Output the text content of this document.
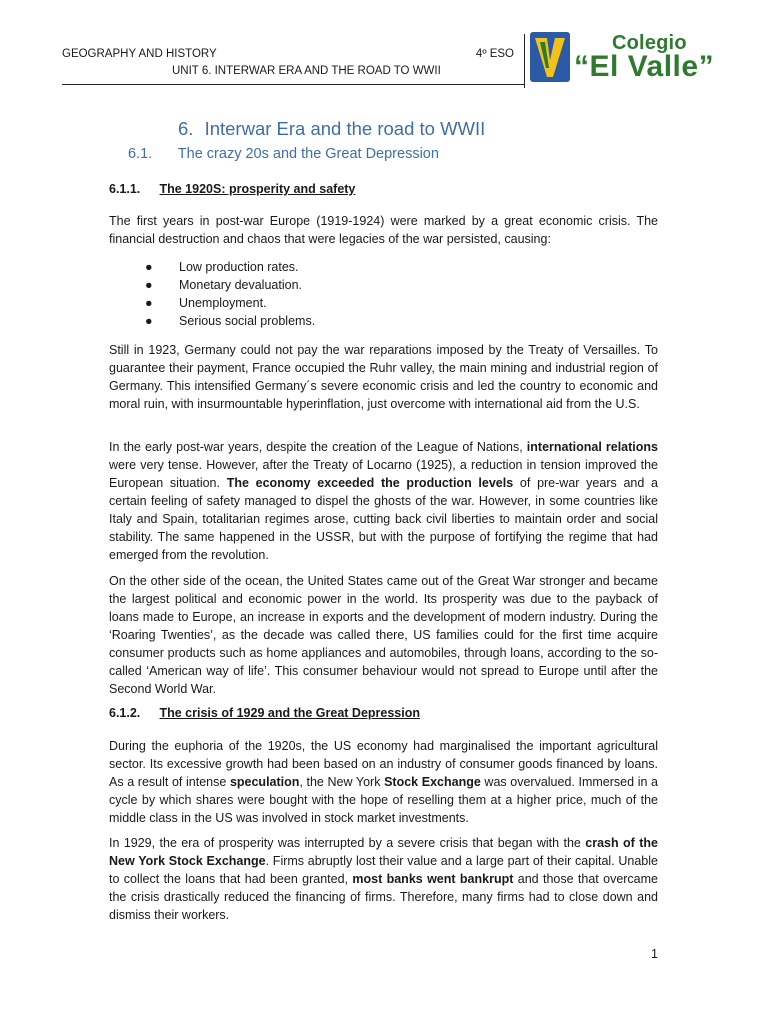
GEOGRAPHY AND HISTORY	4º ESO
UNIT 6. INTERWAR ERA AND THE ROAD TO WWII
Colegio
“El Valle”
6. Interwar Era and the road to WWII
6.1. The crazy 20s and the Great Depression
6.1.1. The 1920S: prosperity and safety
The first years in post-war Europe (1919-1924) were marked by a great economic crisis. The financial destruction and chaos that were legacies of the war persisted, causing:
● Low production rates.
● Monetary devaluation.
● Unemployment.
● Serious social problems.
Still in 1923, Germany could not pay the war reparations imposed by the Treaty of Versailles. To guarantee their payment, France occupied the Ruhr valley, the main mining and industrial region of Germany. This intensified Germany´s severe economic crisis and led the country to economic and moral ruin, with insurmountable hyperinflation, just overcome with international aid from the U.S.
In the early post-war years, despite the creation of the League of Nations, international relations were very tense. However, after the Treaty of Locarno (1925), a reduction in tension improved the European situation. The economy exceeded the production levels of pre-war years and a certain feeling of safety managed to dispel the ghosts of the war. However, in some countries like Italy and Spain, totalitarian regimes arose, cutting back civil liberties to maintain order and social stability. The same happened in the USSR, but with the purpose of fortifying the regime that had emerged from the revolution.
On the other side of the ocean, the United States came out of the Great War stronger and became the largest political and economic power in the world. Its prosperity was due to the payback of loans made to Europe, an increase in exports and the development of modern industry. During the ‘Roaring Twenties’, as the decade was called there, US families could for the first time acquire consumer products such as home appliances and automobiles, through loans, according to the so-called ‘American way of life’. This consumer behaviour would not spread to Europe until after the Second World War.
6.1.2. The crisis of 1929 and the Great Depression
During the euphoria of the 1920s, the US economy had marginalised the important agricultural sector. Its excessive growth had been based on an industry of consumer goods financed by loans. As a result of intense speculation, the New York Stock Exchange was overvalued. Immersed in a cycle by which shares were bought with the hope of reselling them at a higher price, much of the middle class in the US was involved in stock market investments.
In 1929, the era of prosperity was interrupted by a severe crisis that began with the crash of the New York Stock Exchange. Firms abruptly lost their value and a large part of their capital. Unable to collect the loans that had been granted, most banks went bankrupt and those that overcame the crisis drastically reduced the financing of firms. Therefore, many firms had to close down and dismiss their workers.
1
